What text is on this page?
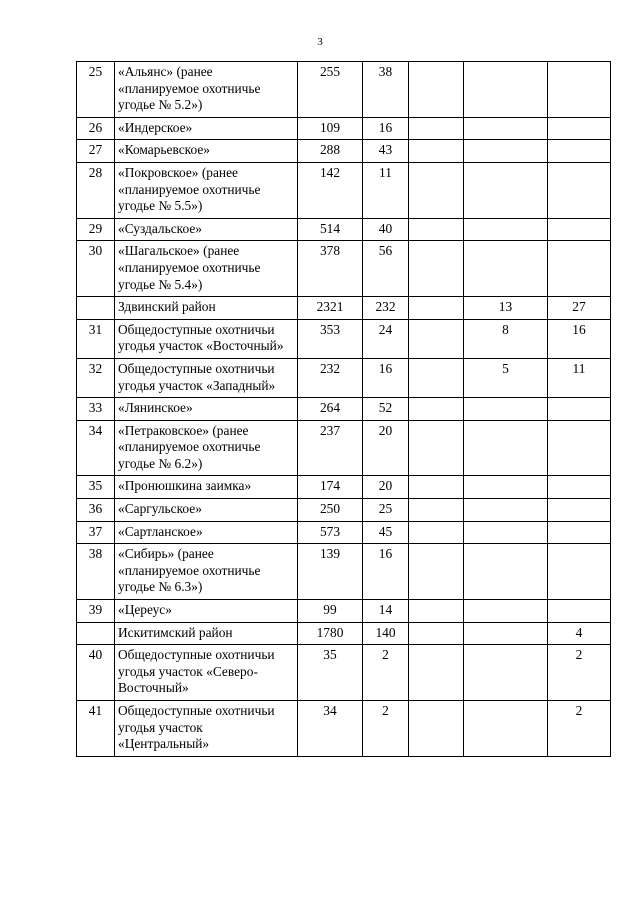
3
25	«Альянс» (ранее «планируемое охотничье угодье № 5.2»)	255	38			
26	«Индерское»	109	16			
27	«Комарьевское»	288	43			
28	«Покровское» (ранее «планируемое охотничье угодье № 5.5»)	142	11			
29	«Суздальское»	514	40			
30	«Шагальское» (ранее «планируемое охотничье угодье № 5.4»)	378	56			
	Здвинский район	2321	232		13	27
31	Общедоступные охотничьи угодья участок «Восточный»	353	24		8	16
32	Общедоступные охотничьи угодья участок «Западный»	232	16		5	11
33	«Лянинское»	264	52			
34	«Петраковское» (ранее «планируемое охотничье угодье № 6.2»)	237	20			
35	«Пронюшкина заимка»	174	20			
36	«Саргульское»	250	25			
37	«Сартланское»	573	45			
38	«Сибирь» (ранее «планируемое охотничье угодье № 6.3»)	139	16			
39	«Цереус»	99	14			
	Искитимский район	1780	140			4
40	Общедоступные охотничьи угодья участок «Северо-Восточный»	35	2			2
41	Общедоступные охотничьи угодья участок «Центральный»	34	2			2
